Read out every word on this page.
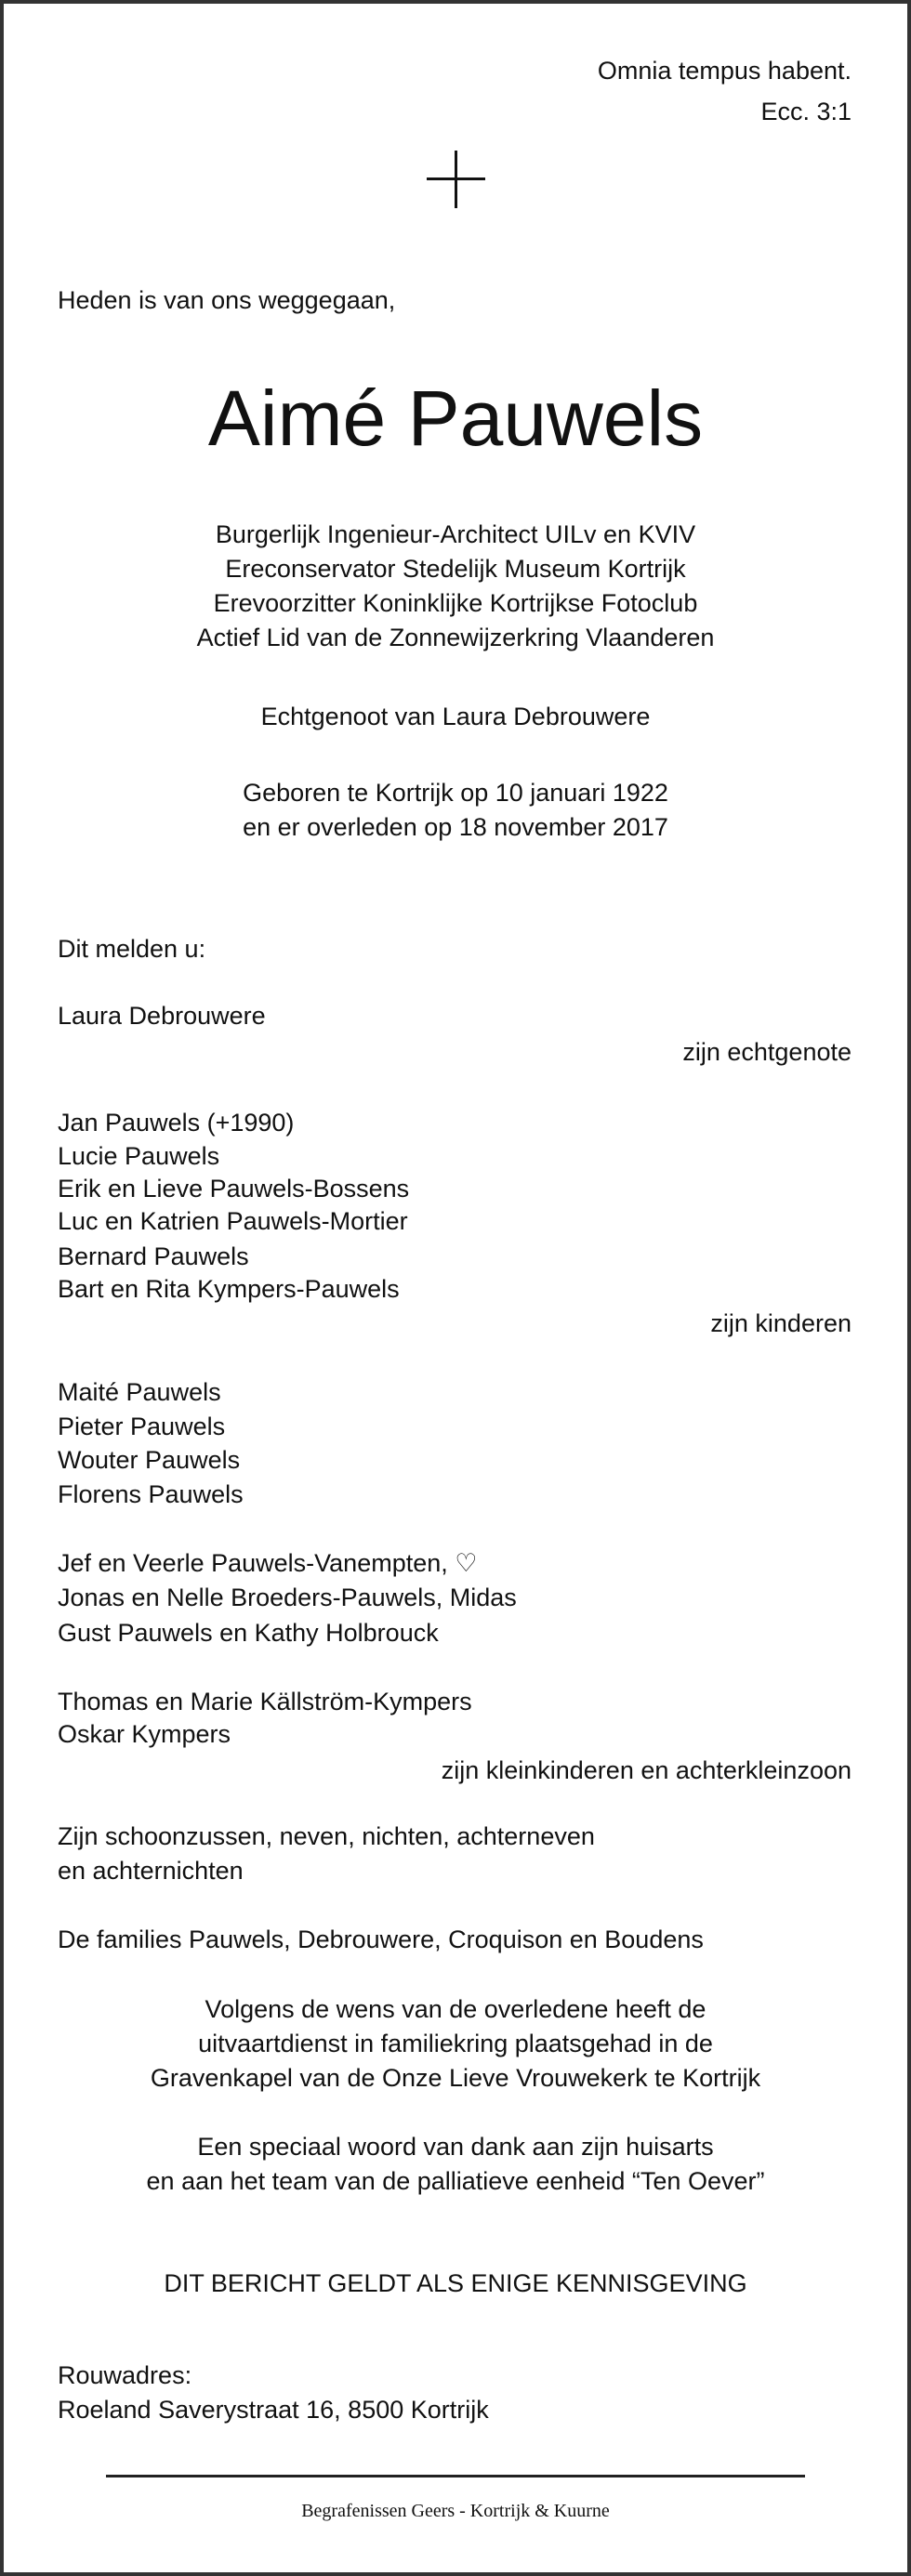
Omnia tempus habent.
Ecc. 3:1
Heden is van ons weggegaan,
Aimé Pauwels
Burgerlijk Ingenieur-Architect UILv en KVIV
Ereconservator Stedelijk Museum Kortrijk
Erevoorzitter Koninklijke Kortrijkse Fotoclub
Actief Lid van de Zonnewijzerkring Vlaanderen
Echtgenoot van Laura Debrouwere
Geboren te Kortrijk op 10 januari 1922
en er overleden op 18 november 2017
Dit melden u:
Laura Debrouwere
zijn echtgenote
Jan Pauwels (+1990)
Lucie Pauwels
Erik en Lieve Pauwels-Bossens
Luc en Katrien Pauwels-Mortier
Bernard Pauwels
Bart en Rita Kympers-Pauwels
zijn kinderen
Maité Pauwels
Pieter Pauwels
Wouter Pauwels
Florens Pauwels
Jef en Veerle Pauwels-Vanempten, ♡
Jonas en Nelle Broeders-Pauwels, Midas
Gust Pauwels en Kathy Holbrouck
Thomas en Marie Källström-Kympers
Oskar Kympers
zijn kleinkinderen en achterkleinzoon
Zijn schoonzussen, neven, nichten, achterneven
en achternichten
De families Pauwels, Debrouwere, Croquison en Boudens
Volgens de wens van de overledene heeft de
uitvaartdienst in familiekring plaatsgehad in de
Gravenkapel van de Onze Lieve Vrouwekerk te Kortrijk
Een speciaal woord van dank aan zijn huisarts
en aan het team van de palliatieve eenheid “Ten Oever”
DIT BERICHT GELDT ALS ENIGE KENNISGEVING
Rouwadres:
Roeland Saverystraat 16, 8500 Kortrijk
Begrafenissen Geers - Kortrijk & Kuurne
